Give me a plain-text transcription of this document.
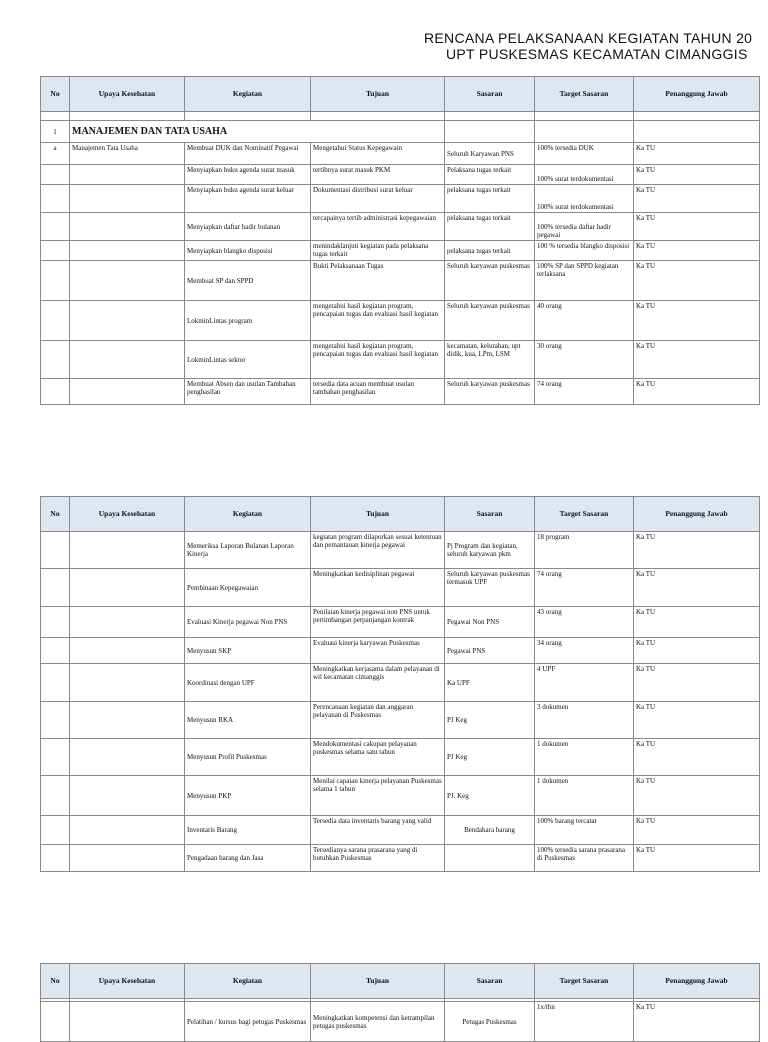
RENCANA PELAKSANAAN KEGIATAN TAHUN 20
UPT PUSKESMAS KECAMATAN CIMANGGIS
No	Upaya Kesehatan	Kegiatan	Tujuan	Sasaran	Target Sasaran	Penanggung Jawab

1	MANAJEMEN DAN TATA USAHA					
a	Manajemen Tata Usaha	Membuat DUK dan Nominatif Pegawai	Mengetahui Status Kepegawain	Seluruh Karyawan PNS	100% tersedia DUK	Ka TU
		Menyiapkan buku agenda surat masuk	tertibnya surat masuk PKM	Pelaksana tugas terkait	100% surat terdokumentasi	Ka TU
		Menyiapkan buku agenda surat keluar	Dokumentasi distribusi surat keluar	pelaksana tugas terkait	100% surat terdokumentasi	Ka TU
		Menyiapkan daftar hadir bulanan	tercapainya tertib administrasi kepegawaian	pelaksana tugas terkait	100% tersedia daftar hadir pegawai	Ka TU
		Menyiapkan blangko disposisi	menindaklanjuti kegiatan pada pelaksana tugas terkait	pelaksana tugas terkait	100 % tersedia blangko disposisi	Ka TU
		Membuat SP dan SPPD	Bukti Pelaksanaan Tugas	Seluruh karyawan puskesmas	100% SP dan SPPD kegiatan terlaksana	Ka TU
		LokminLintas program	mengetahui hasil kegiatan program, pencapaian tugas dan evaluasi hasil kegiatan	Seluruh karyawan puskesmas	40 orang	Ka TU
		LokminLintas sektor	mengetahui hasil kegiatan program, pencapaian tugas dan evaluasi hasil kegiatan	kecamatan, kelurahan, upt didik, kua, LPm, LSM	30 orang	Ka TU
		Membuat Absen dan usulan Tambahan penghasilan	tersedia data acuan membuat usulan tambahan penghasilan	Seluruh karyawan puskesmas	74 orang	Ka TU
No	Upaya Kesehatan	Kegiatan	Tujuan	Sasaran	Target Sasaran	Penanggung Jawab
		Memeriksa Laporan Bulanan Laporan Kinerja	kegiatan program dilaporkan sesuai ketentuan dan pemantauan kinerja pegawai	Pj Program dan kegiatan, seluruh karyawan pkm	18 program	Ka TU
		Pembinaan Kepegawaian	Meningkatkan kedisiplinan pegawai	Seluruh karyawan puskesmas termasuk UPF	74 orang	Ka TU
		Evaluasi Kinerja pegawai Non PNS	Penilaian kinerja pegawai non PNS untuk pertimbangan perpanjangan kontrak	Pegawai Non PNS	43 orang	Ka TU
		Menyusun SKP	Evaluasi kinerja karyawan Puskesmas	Pegawai PNS	34 orang	Ka TU
		Koordinasi dengan UPF	Meningkatkan kerjasama dalam pelayanan di wil kecamatan cimanggis	Ka UPF	4 UPF	Ka TU
		Menyusun RKA	Perencanaan kegiatan dan anggaran pelayanan di Puskesmas	PJ Keg	3 dokumen	Ka TU
		Menyusun Profil Puskesmas	Mendokumentasi cakupan pelayanan puskesmas selama satu tahun	PJ Keg	1 dokumen	Ka TU
		Menyusun PKP	Menilai capaian kinerja pelayanan Puskesmas selama 1 tahun	PJ. Keg	1 dokumen	Ka TU
		Inventaris Barang	Tersedia data inventaris barang yang valid	Bendahara barang	100% barang tercatat	Ka TU
		Pengadaan barang dan Jasa	Tersedianya sarana prasarana yang di butuhkan Puskesmas		100% tersedia sarana prasarana di Puskesmas	Ka TU
No	Upaya Kesehatan	Kegiatan	Tujuan	Sasaran	Target Sasaran	Penanggung Jawab

		Pelatihan / kursus bagi petugas Puskesmas	Meningkatkan kompetensi dan ketrampilan petugas puskesmas	Petugas Puskesmas	1x/thn	Ka TU
